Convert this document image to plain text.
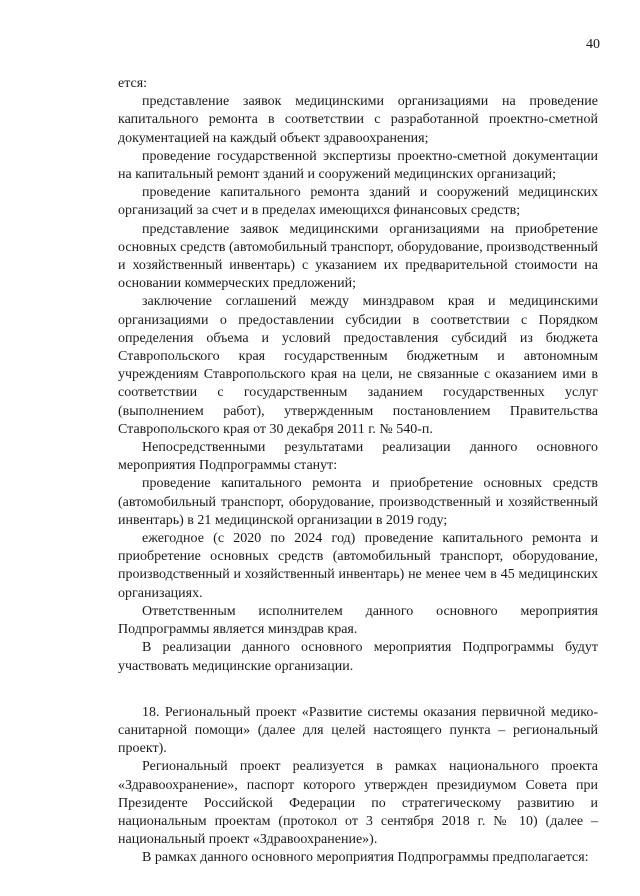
40

ется:

представление заявок медицинскими организациями на проведение капитального ремонта в соответствии с разработанной проектно-сметной документацией на каждый объект здравоохранения;

проведение государственной экспертизы проектно-сметной документации на капитальный ремонт зданий и сооружений медицинских организаций;

проведение капитального ремонта зданий и сооружений медицинских организаций за счет и в пределах имеющихся финансовых средств;

представление заявок медицинскими организациями на приобретение основных средств (автомобильный транспорт, оборудование, производственный и хозяйственный инвентарь) с указанием их предварительной стоимости на основании коммерческих предложений;

заключение соглашений между минздравом края и медицинскими организациями о предоставлении субсидии в соответствии с Порядком определения объема и условий предоставления субсидий из бюджета Ставропольского края государственным бюджетным и автономным учреждениям Ставропольского края на цели, не связанные с оказанием ими в соответствии с государственным заданием государственных услуг (выполнением работ), утвержденным постановлением Правительства Ставропольского края от 30 декабря 2011 г. № 540-п.

Непосредственными результатами реализации данного основного мероприятия Подпрограммы станут:

проведение капитального ремонта и приобретение основных средств (автомобильный транспорт, оборудование, производственный и хозяйственный инвентарь) в 21 медицинской организации в 2019 году;

ежегодное (с 2020 по 2024 год) проведение капитального ремонта и приобретение основных средств (автомобильный транспорт, оборудование, производственный и хозяйственный инвентарь) не менее чем в 45 медицинских организациях.

Ответственным исполнителем данного основного мероприятия Подпрограммы является минздрав края.

В реализации данного основного мероприятия Подпрограммы будут участвовать медицинские организации.

18. Региональный проект «Развитие системы оказания первичной медико-санитарной помощи» (далее для целей настоящего пункта – региональный проект).

Региональный проект реализуется в рамках национального проекта «Здравоохранение», паспорт которого утвержден президиумом Совета при Президенте Российской Федерации по стратегическому развитию и национальным проектам (протокол от 3 сентября 2018 г. № 10) (далее – национальный проект «Здравоохранение»).

В рамках данного основного мероприятия Подпрограммы предполагается:
